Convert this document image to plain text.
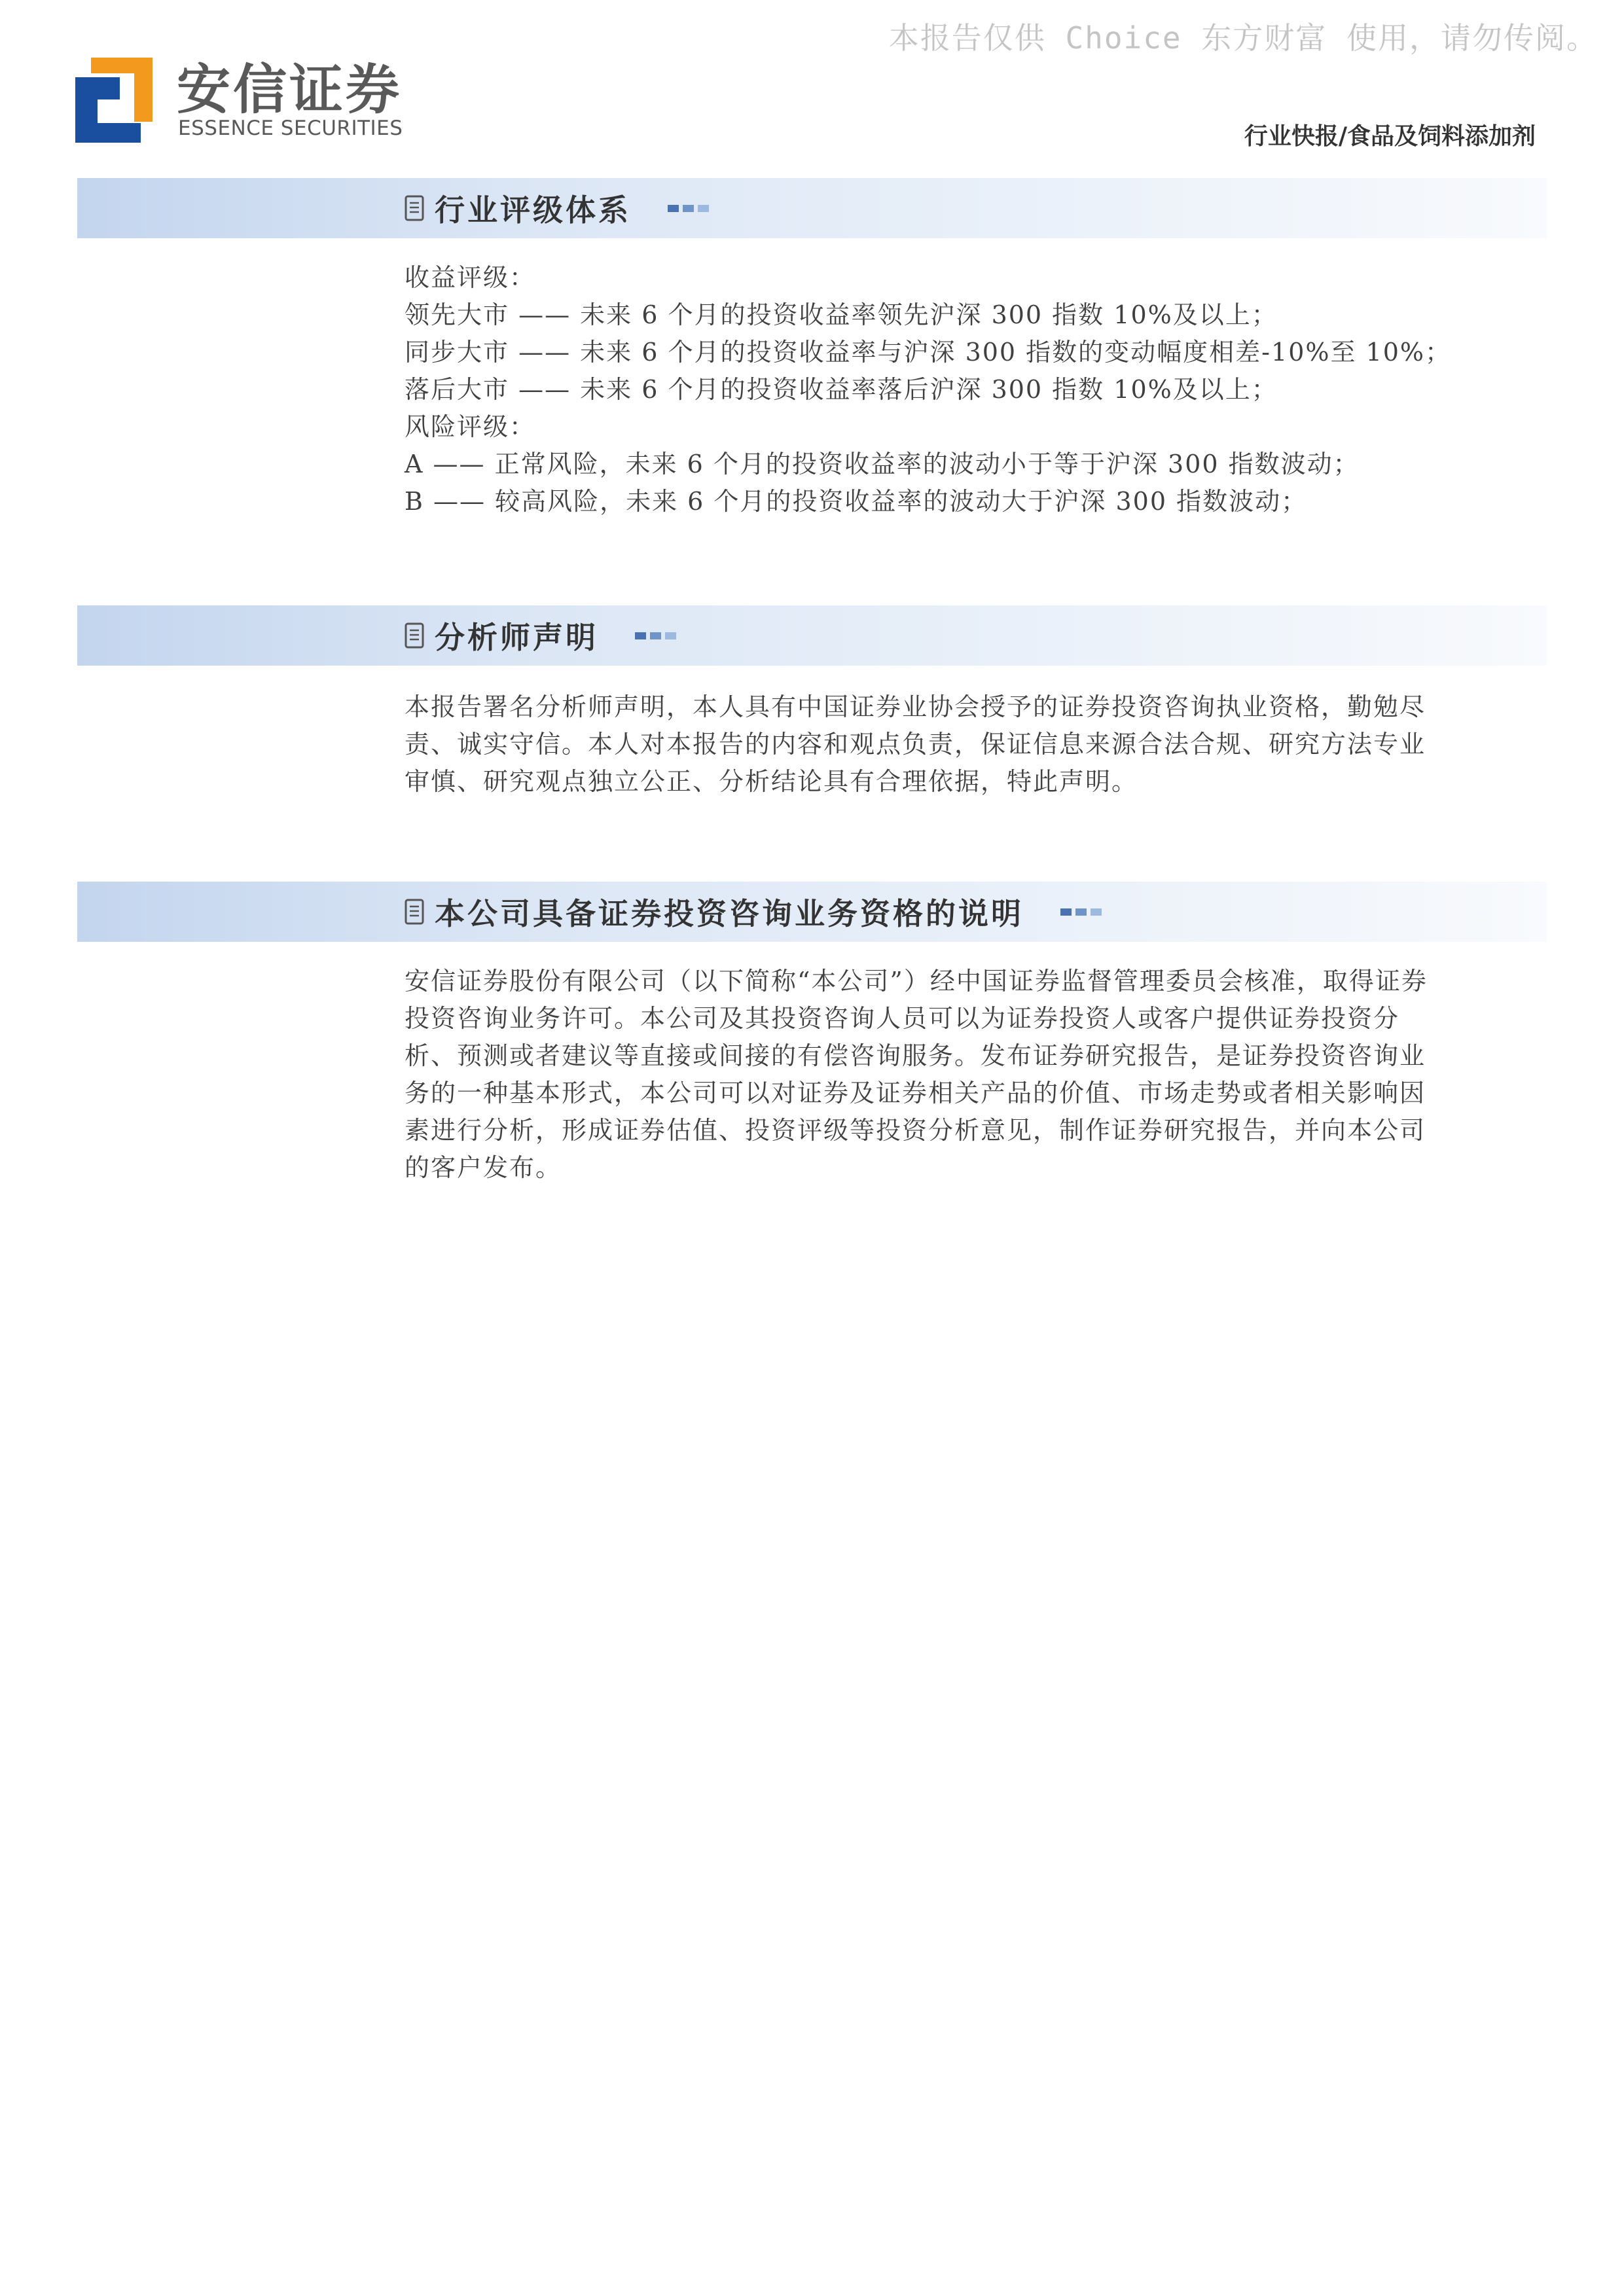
本报告仅供 Choice 东方财富 使用，请勿传阅。
安信证券
ESSENCE SECURITIES	行业快报/食品及饲料添加剂
行业评级体系

收益评级：

领先大市 —— 未来 6 个月的投资收益率领先沪深 300 指数 10%及以上；

同步大市 —— 未来 6 个月的投资收益率与沪深 300 指数的变动幅度相差-10%至 10%；

落后大市 —— 未来 6 个月的投资收益率落后沪深 300 指数 10%及以上；

风险评级：

A —— 正常风险，未来 6 个月的投资收益率的波动小于等于沪深 300 指数波动；

B —— 较高风险，未来 6 个月的投资收益率的波动大于沪深 300 指数波动；

分析师声明

本报告署名分析师声明，本人具有中国证券业协会授予的证券投资咨询执业资格，勤勉尽

责、诚实守信。本人对本报告的内容和观点负责，保证信息来源合法合规、研究方法专业

审慎、研究观点独立公正、分析结论具有合理依据，特此声明。

本公司具备证券投资咨询业务资格的说明

安信证券股份有限公司（以下简称“本公司”）经中国证券监督管理委员会核准，取得证券

投资咨询业务许可。本公司及其投资咨询人员可以为证券投资人或客户提供证券投资分

析、预测或者建议等直接或间接的有偿咨询服务。发布证券研究报告，是证券投资咨询业

务的一种基本形式，本公司可以对证券及证券相关产品的价值、市场走势或者相关影响因

素进行分析，形成证券估值、投资评级等投资分析意见，制作证券研究报告，并向本公司

的客户发布。
